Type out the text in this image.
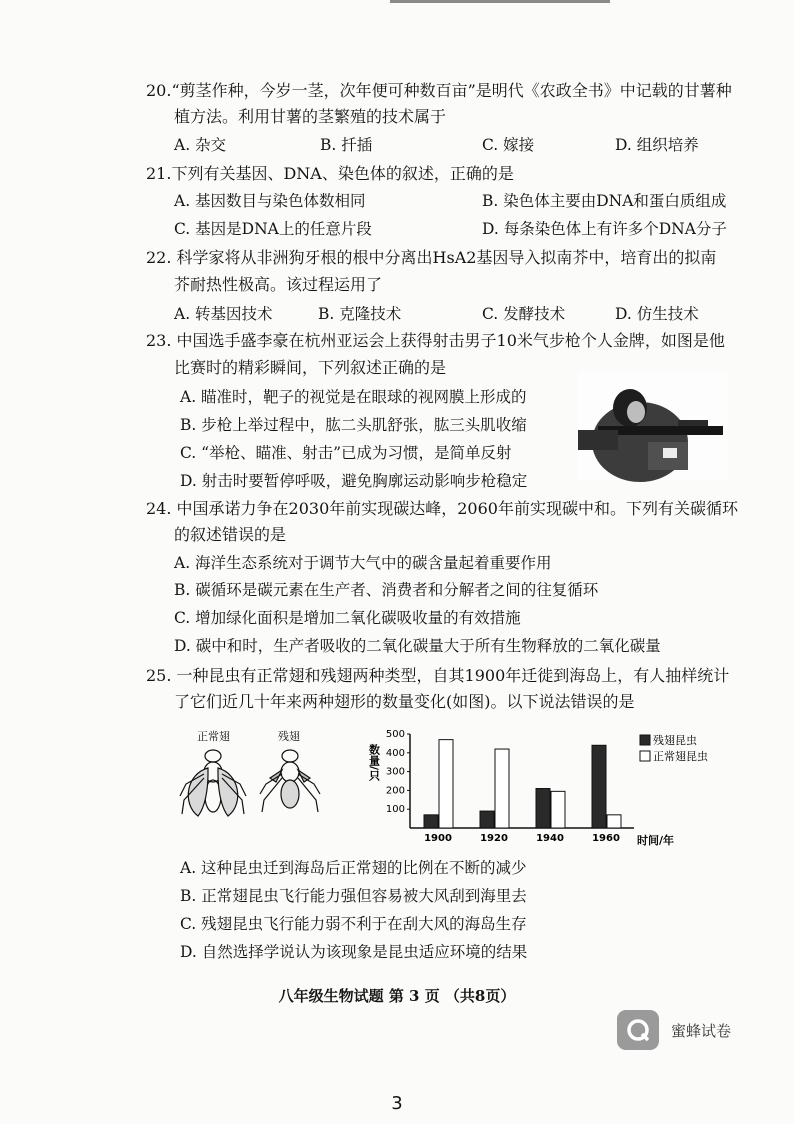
20.“剪茎作种，今岁一茎，次年便可种数百亩”是明代《农政全书》中记载的甘薯种
植方法。利用甘薯的茎繁殖的技术属于
A. 杂交	B. 扦插	C. 嫁接	D. 组织培养
21.下列有关基因、DNA、染色体的叙述，正确的是
A. 基因数目与染色体数相同	B. 染色体主要由DNA和蛋白质组成
C. 基因是DNA上的任意片段	D. 每条染色体上有许多个DNA分子
22. 科学家将从非洲狗牙根的根中分离出HsA2基因导入拟南芥中，培育出的拟南
芥耐热性极高。该过程运用了
A. 转基因技术	B. 克隆技术	C. 发酵技术	D. 仿生技术
23. 中国选手盛李豪在杭州亚运会上获得射击男子10米气步枪个人金牌，如图是他
比赛时的精彩瞬间，下列叙述正确的是
A. 瞄准时，靶子的视觉是在眼球的视网膜上形成的
B. 步枪上举过程中，肱二头肌舒张，肱三头肌收缩
C. “举枪、瞄准、射击”已成为习惯，是简单反射
D. 射击时要暂停呼吸，避免胸廓运动影响步枪稳定
24. 中国承诺力争在2030年前实现碳达峰，2060年前实现碳中和。下列有关碳循环
的叙述错误的是
A. 海洋生态系统对于调节大气中的碳含量起着重要作用
B. 碳循环是碳元素在生产者、消费者和分解者之间的往复循环
C. 增加绿化面积是增加二氧化碳吸收量的有效措施
D. 碳中和时，生产者吸收的二氧化碳量大于所有生物释放的二氧化碳量
25. 一种昆虫有正常翅和残翅两种类型，自其1900年迁徙到海岛上，有人抽样统计
了它们近几十年来两种翅形的数量变化(如图)。以下说法错误的是
正常翅	残翅
数量/只
时间/年
100
200
300
400
500
1900	1920	1940	1960
残翅昆虫
正常翅昆虫
A. 这种昆虫迁到海岛后正常翅的比例在不断的减少
B. 正常翅昆虫飞行能力强但容易被大风刮到海里去
C. 残翅昆虫飞行能力弱不利于在刮大风的海岛生存
D. 自然选择学说认为该现象是昆虫适应环境的结果
八年级生物试题 第 3 页 （共8页）
蜜蜂试卷
3
